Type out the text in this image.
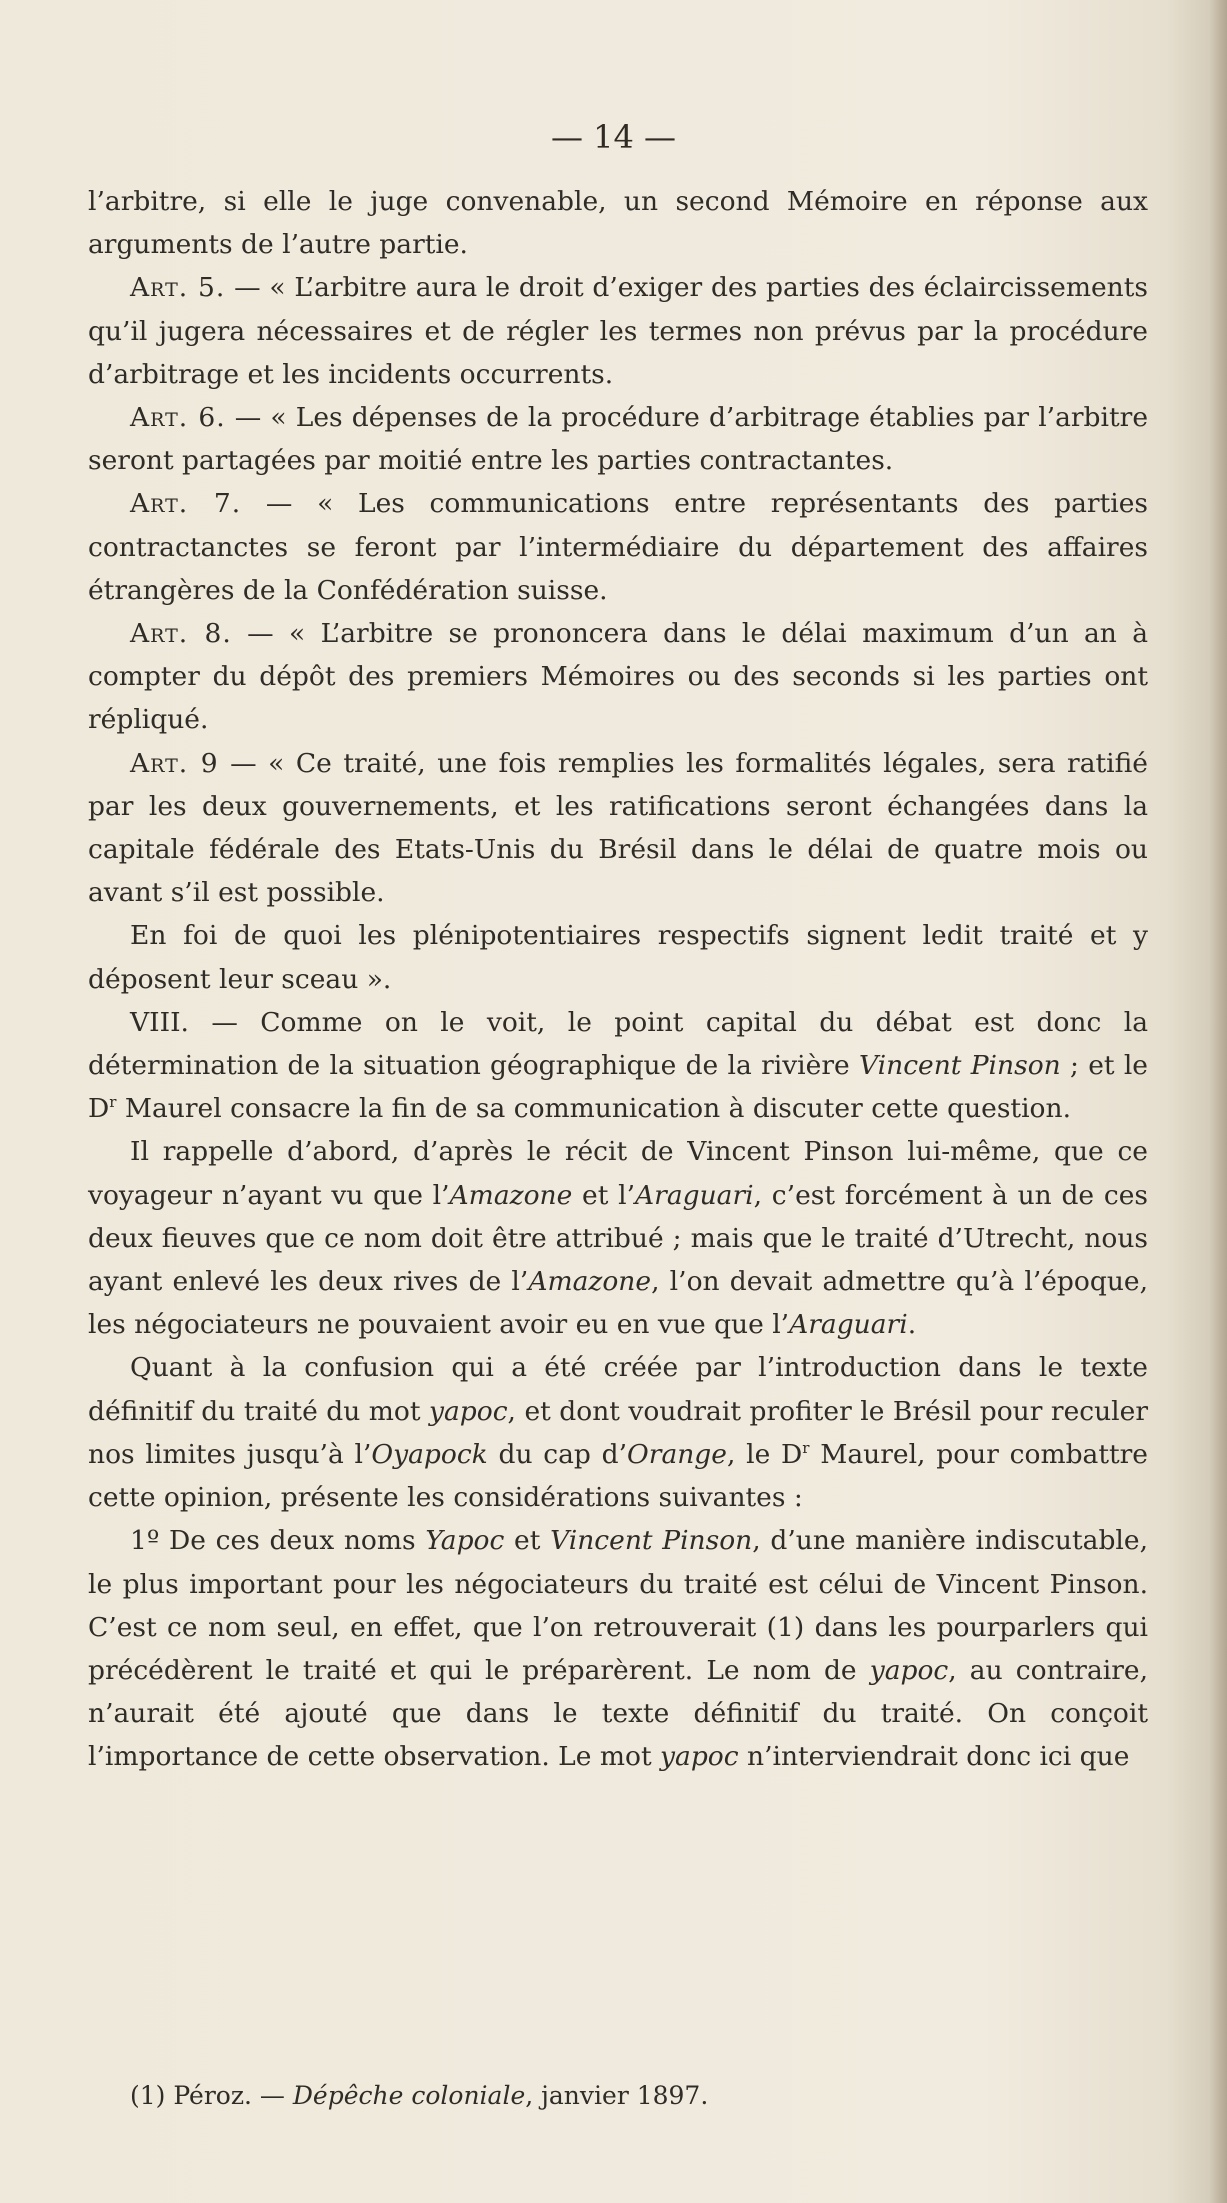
— 14 —

l’arbitre, si elle le juge convenable, un second Mémoire en réponse aux arguments de l’autre partie.

Art. 5. — « L’arbitre aura le droit d’exiger des parties des éclaircissements qu’il jugera nécessaires et de régler les termes non prévus par la procédure d’arbitrage et les incidents occurrents.

Art. 6. — « Les dépenses de la procédure d’arbitrage établies par l’arbitre seront partagées par moitié entre les parties contractantes.

Art. 7. — « Les communications entre représentants des parties contractanctes se feront par l’intermédiaire du département des affaires étrangères de la Confédération suisse.

Art. 8. — « L’arbitre se prononcera dans le délai maximum d’un an à compter du dépôt des premiers Mémoires ou des seconds si les parties ont répliqué.

Art. 9 — « Ce traité, une fois remplies les formalités légales, sera ratifié par les deux gouvernements, et les ratifications seront échangées dans la capitale fédérale des Etats-Unis du Brésil dans le délai de quatre mois ou avant s’il est possible.

En foi de quoi les plénipotentiaires respectifs signent ledit traité et y déposent leur sceau ».

VIII. — Comme on le voit, le point capital du débat est donc la détermination de la situation géographique de la rivière Vincent Pinson ; et le $D^r$ Maurel consacre la fin de sa communication à discuter cette question.

Il rappelle d’abord, d’après le récit de Vincent Pinson lui-même, que ce voyageur n’ayant vu que l’Amazone et l’Araguari, c’est forcément à un de ces deux fieuves que ce nom doit être attribué ; mais que le traité d’Utrecht, nous ayant enlevé les deux rives de l’Amazone, l’on devait admettre qu’à l’époque, les négociateurs ne pouvaient avoir eu en vue que l’Araguari.

Quant à la confusion qui a été créée par l’introduction dans le texte définitif du traité du mot yapoc, et dont voudrait profiter le Brésil pour reculer nos limites jusqu’à l’Oyapock du cap d’Orange, le $D^r$ Maurel, pour combattre cette opinion, présente les considérations suivantes :

1º De ces deux noms Yapoc et Vincent Pinson, d’une manière indiscutable, le plus important pour les négociateurs du traité est célui de Vincent Pinson. C’est ce nom seul, en effet, que l’on retrouverait (1) dans les pourparlers qui précédèrent le traité et qui le préparèrent. Le nom de yapoc, au contraire, n’aurait été ajouté que dans le texte définitif du traité. On conçoit l’importance de cette observation. Le mot yapoc n’interviendrait donc ici que

(1) Péroz. — Dépêche coloniale, janvier 1897.
